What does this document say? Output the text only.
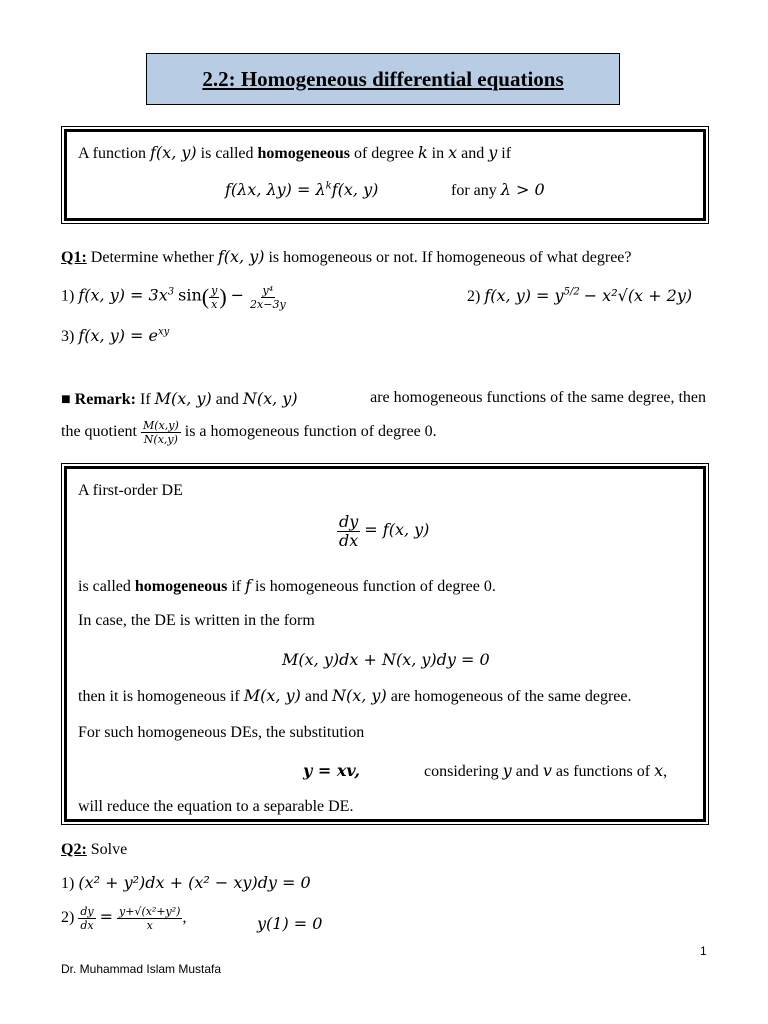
2.2: Homogeneous differential equations
A function f(x, y) is called homogeneous of degree k in x and y if
f(λx, $\lambda y) = \lambda^kf(x$, y)	for any λ > 0
Q1: Determine whether f(x, y) is homogeneous or not. If homogeneous of what degree?
1) f(x, $y) = 3x^3$ $\sin( \frac{y}{x}$ ) − $\frac{\text{y⁴}}{2x-3y}$	2) f(x, $y) = y^{5/2} - x^2√(x + 2y)$
3) f(x, $y) = e^{xy}$
■ Remark: If M(x, y) and N(x, y)	are homogeneous functions of the same degree, then
the quotient $\frac{M(x,y)}{N(x,y)}$ is a homogeneous function of degree 0.
A first-order DE
$\frac{dy}{dx} = f(x$, y)
is called homogeneous if f is homogeneous function of degree 0.
In case, the DE is written in the form
M(x, y)dx + N(x, y)dy = 0
then it is homogeneous if M(x, y) and N(x, y) are homogeneous of the same degree.
For such homogeneous DEs, the substitution
y = xv,	considering y and v as functions of x,
will reduce the equation to a separable DE.
Q2: Solve
1) (x² + y²)dx + (x² − xy)dy = 0
$2) \frac{dy}{dx} = \frac{\text{y+√(x²+y²)}}{x}$ ,	y(1) = 0
1
Dr. Muhammad Islam Mustafa
